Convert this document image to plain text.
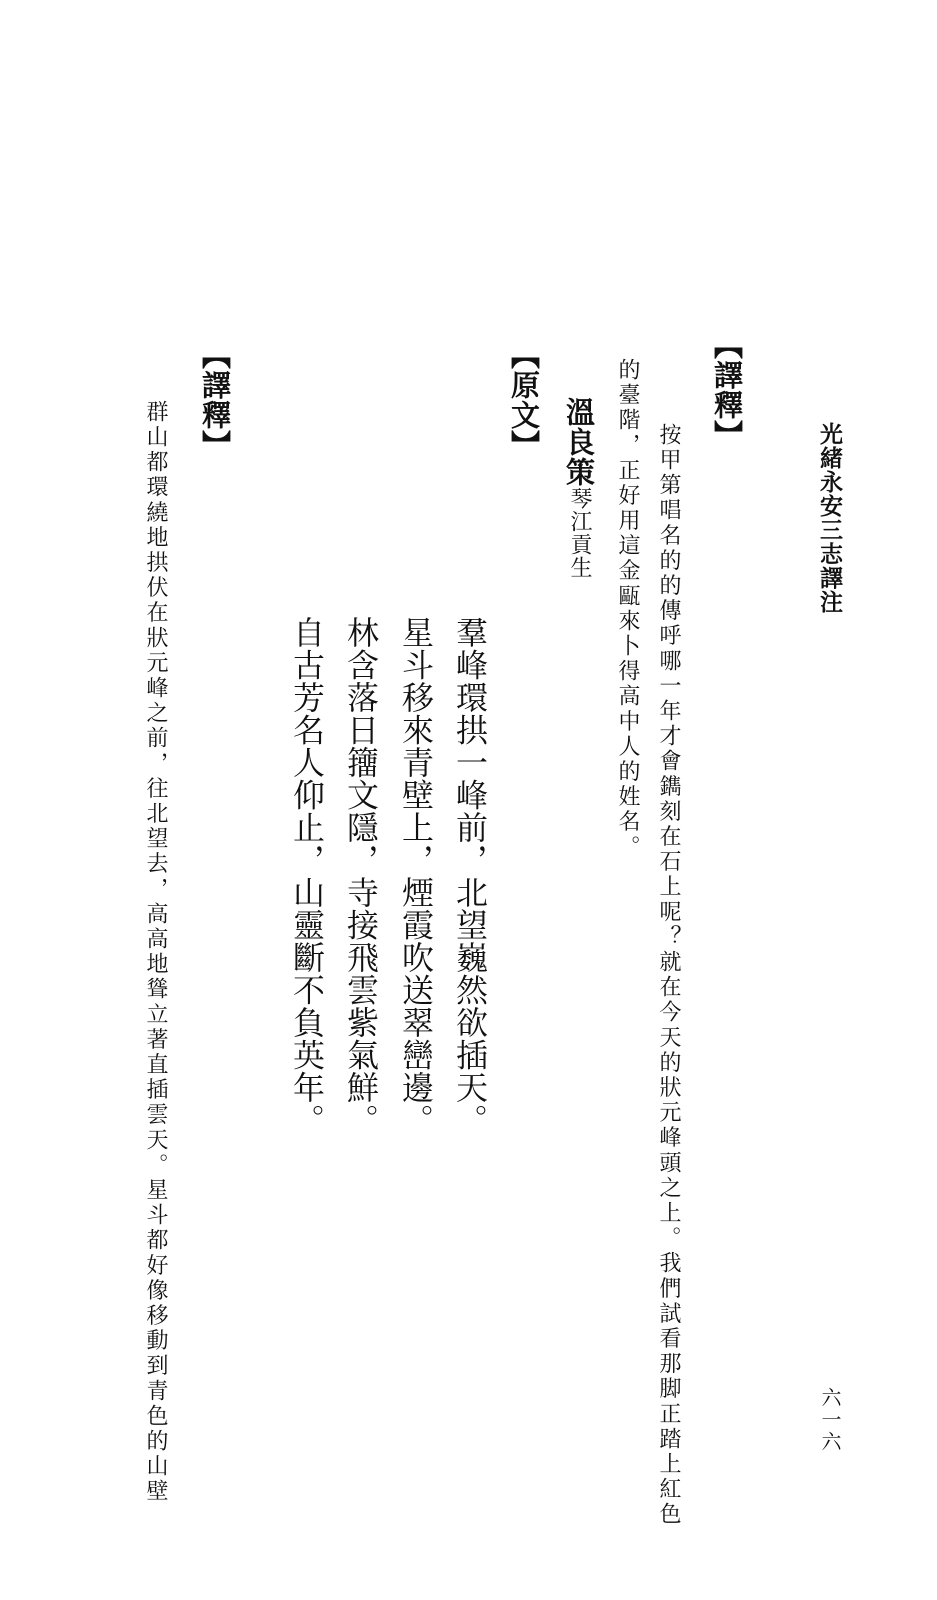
光緒永安三志譯注
六一六
【譯釋】
按甲第唱名的的傳呼哪一年才會鐫刻在石上呢？就在今天的狀元峰頭之上。我們試看那脚正踏上紅色
的臺階，正好用這金甌來卜得高中人的姓名。
【原文】 溫良策琴江貢生
羣峰環拱一峰前，北望巍然欲插天。
星斗移來青壁上，煙霞吹送翠巒邊。
林含落日籒文隱，寺接飛雲紫氣鮮。
自古芳名人仰止，山靈斷不負英年。
【譯釋】
群山都環繞地拱伏在狀元峰之前，往北望去，高高地聳立著直插雲天。星斗都好像移動到青色的山壁
